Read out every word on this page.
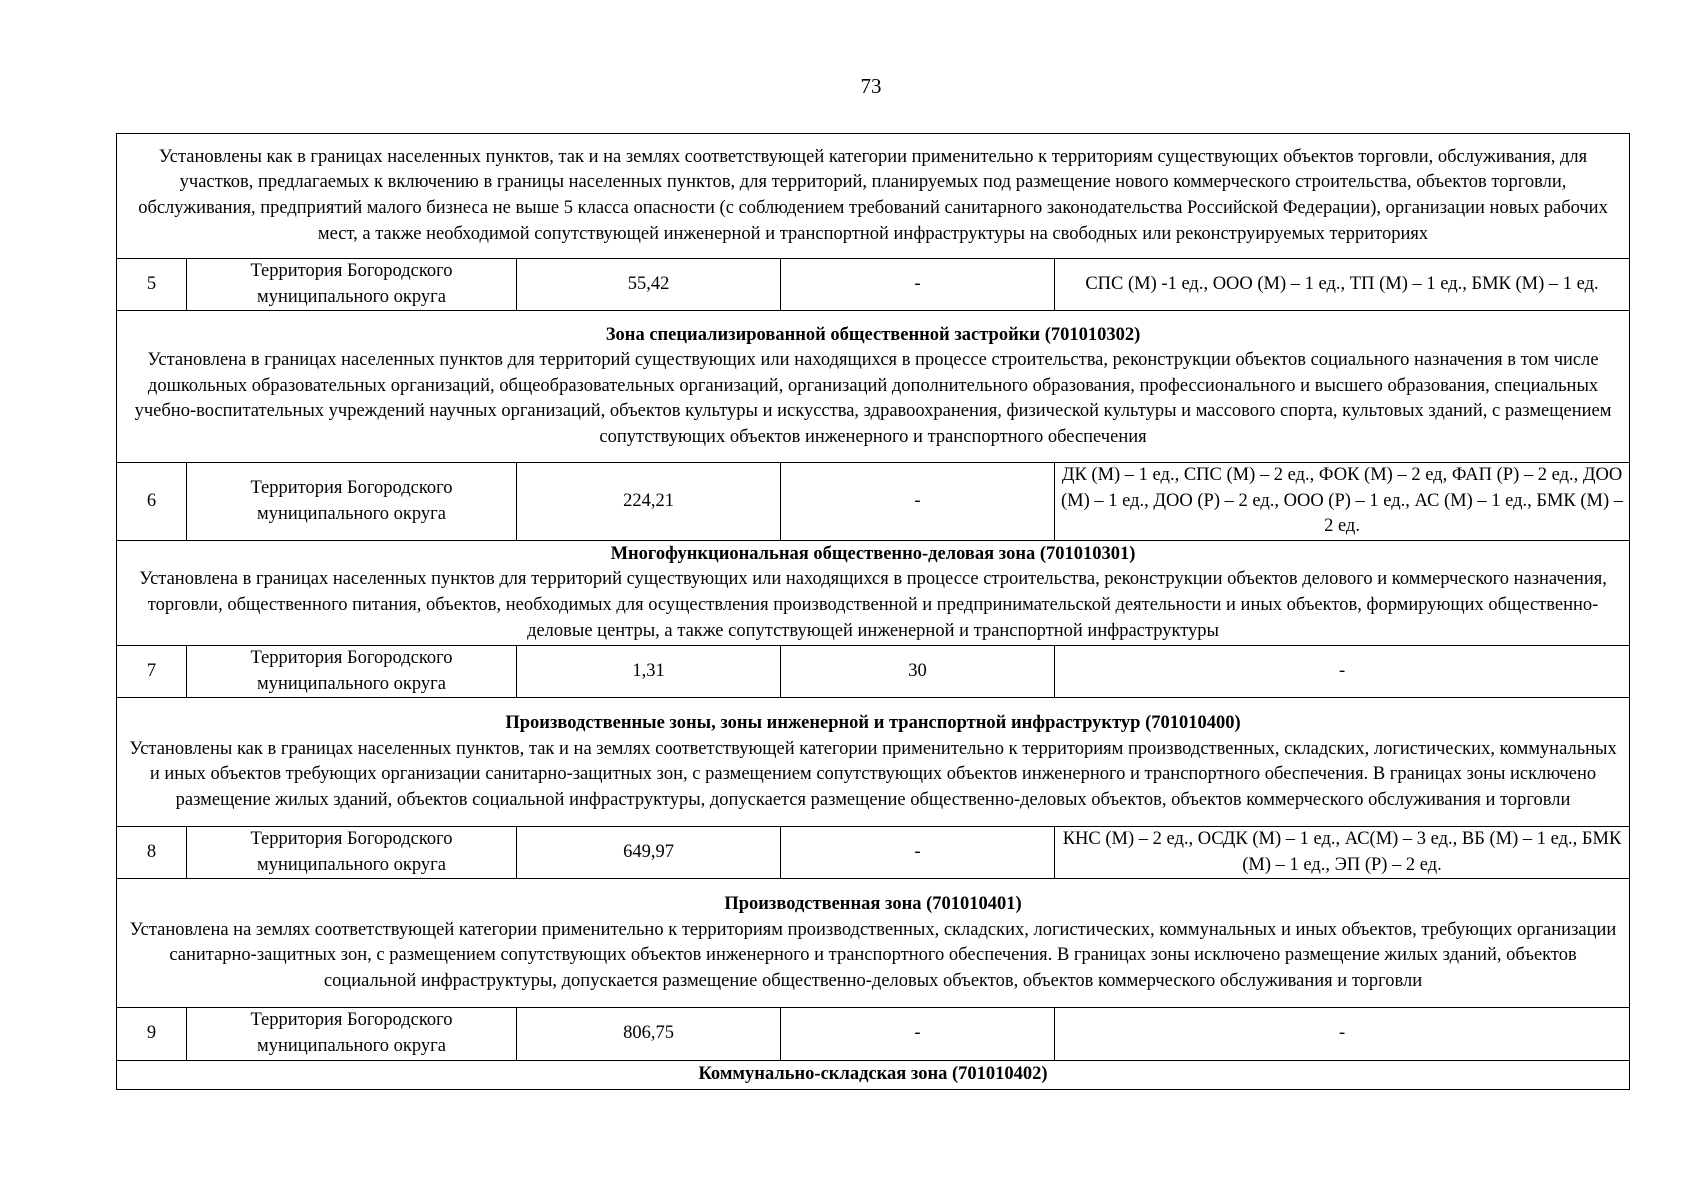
73
Установлены как в границах населенных пунктов, так и на землях соответствующей категории применительно к территориям существующих объектов торговли, обслуживания, для участков, предлагаемых к включению в границы населенных пунктов, для территорий, планируемых под размещение нового коммерческого строительства, объектов торговли, обслуживания, предприятий малого бизнеса не выше 5 класса опасности (с соблюдением требований санитарного законодательства Российской Федерации), организации новых рабочих мест, а также необходимой сопутствующей инженерной и транспортной инфраструктуры на свободных или реконструируемых территориях				

5	Территория Богородского муниципального округа	55,42	-	СПС (М) -1 ед., ООО (М) – 1 ед., ТП (М) – 1 ед., БМК (М) – 1 ед.

Зона специализированной общественной застройки (701010302)
Установлена в границах населенных пунктов для территорий существующих или находящихся в процессе строительства, реконструкции объектов социального назначения в том числе дошкольных образовательных организаций, общеобразовательных организаций, организаций дополнительного образования, профессионального и высшего образования, специальных учебно-воспитательных учреждений научных организаций, объектов культуры и искусства, здравоохранения, физической культуры и массового спорта, культовых зданий, с размещением сопутствующих объектов инженерного и транспортного обеспечения				

6	Территория Богородского муниципального округа	224,21	-	ДК (М) – 1 ед., СПС (М) – 2 ед., ФОК (М) – 2 ед, ФАП (Р) – 2 ед., ДОО (М) – 1 ед., ДОО (Р) – 2 ед., ООО (Р) – 1 ед., АС (М) – 1 ед., БМК (М) – 2 ед.

Многофункциональная общественно-деловая зона (701010301)
Установлена в границах населенных пунктов для территорий существующих или находящихся в процессе строительства, реконструкции объектов делового и коммерческого назначения, торговли, общественного питания, объектов, необходимых для осуществления производственной и предпринимательской деятельности и иных объектов, формирующих общественно-деловые центры, а также сопутствующей инженерной и транспортной инфраструктуры				

7	Территория Богородского муниципального округа	1,31	30	-

Производственные зоны, зоны инженерной и транспортной инфраструктур (701010400)
Установлены как в границах населенных пунктов, так и на землях соответствующей категории применительно к территориям производственных, складских, логистических, коммунальных и иных объектов требующих организации санитарно-защитных зон, с размещением сопутствующих объектов инженерного и транспортного обеспечения. В границах зоны исключено размещение жилых зданий, объектов социальной инфраструктуры, допускается размещение общественно-деловых объектов, объектов коммерческого обслуживания и торговли				

8	Территория Богородского муниципального округа	649,97	-	КНС (М) – 2 ед., ОСДК (М) – 1 ед., АС(М) – 3 ед., ВБ (М) – 1 ед., БМК (М) – 1 ед., ЭП (Р) – 2 ед.

Производственная зона (701010401)
Установлена на землях соответствующей категории применительно к территориям производственных, складских, логистических, коммунальных и иных объектов, требующих организации санитарно-защитных зон, с размещением сопутствующих объектов инженерного и транспортного обеспечения. В границах зоны исключено размещение жилых зданий, объектов социальной инфраструктуры, допускается размещение общественно-деловых объектов, объектов коммерческого обслуживания и торговли				

9	Территория Богородского муниципального округа	806,75	-	-

Коммунально-складская зона (701010402)				
